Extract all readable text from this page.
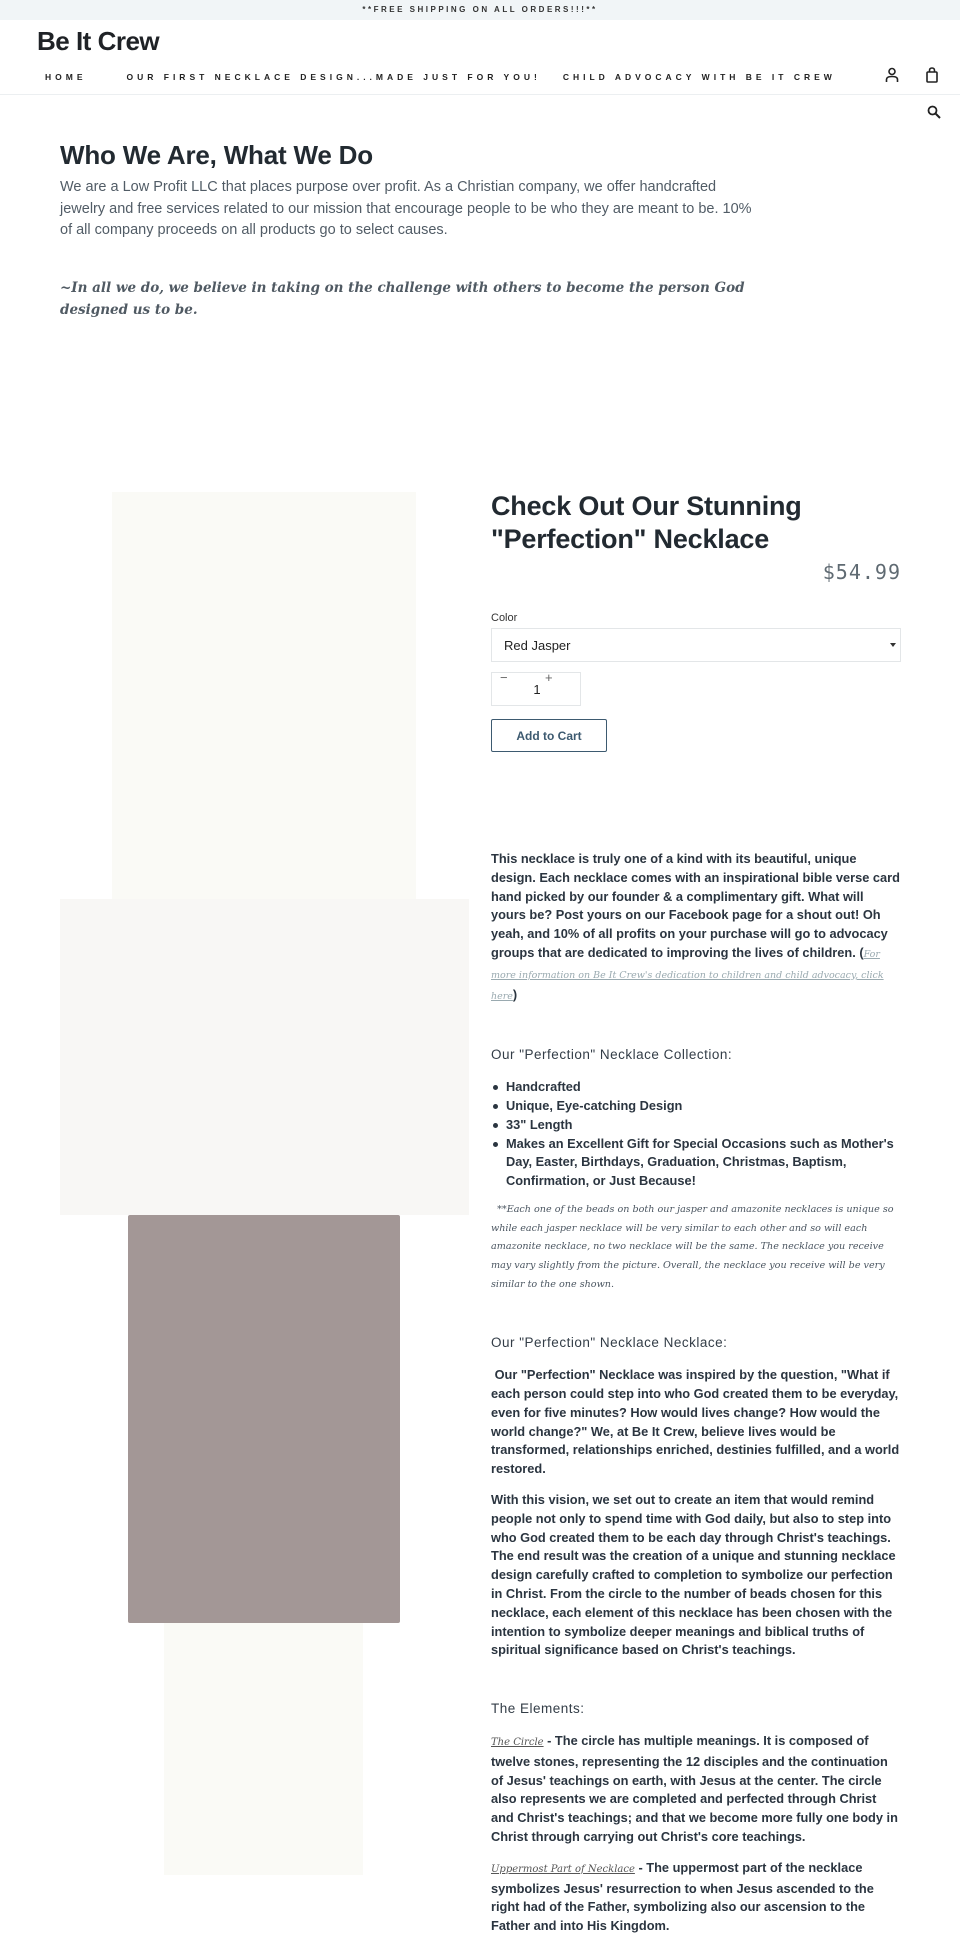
**FREE SHIPPING ON ALL ORDERS!!!**
Be It Crew
HOME	OUR FIRST NECKLACE DESIGN...MADE JUST FOR YOU!	CHILD ADVOCACY WITH BE IT CREW
Who We Are, What We Do

We are a Low Profit LLC that places purpose over profit. As a Christian company, we offer handcrafted jewelry and free services related to our mission that encourage people to be who they are meant to be. 10% of all company proceeds on all products go to select causes.

~In all we do, we believe in taking on the challenge with others to become the person God designed us to be.

Check Out Our Stunning "Perfection" Necklace
$54.99
Color
Red Jasper
−
1
+
Add to Cart

This necklace is truly one of a kind with its beautiful, unique design. Each necklace comes with an inspirational bible verse card hand picked by our founder & a complimentary gift. What will yours be? Post yours on our Facebook page for a shout out! Oh yeah, and 10% of all profits on your purchase will go to advocacy groups that are dedicated to improving the lives of children. (For more information on Be It Crew's dedication to children and child advocacy, click here)

Our "Perfection" Necklace Collection:
Handcrafted
Unique, Eye-catching Design
33" Length
Makes an Excellent Gift for Special Occasions such as Mother's Day, Easter, Birthdays, Graduation, Christmas, Baptism, Confirmation, or Just Because!

**Each one of the beads on both our jasper and amazonite necklaces is unique so while each jasper necklace will be very similar to each other and so will each amazonite necklace, no two necklace will be the same. The necklace you receive may vary slightly from the picture. Overall, the necklace you receive will be very similar to the one shown.

Our "Perfection" Necklace Necklace:

Our "Perfection" Necklace was inspired by the question, "What if each person could step into who God created them to be everyday, even for five minutes? How would lives change? How would the world change?" We, at Be It Crew, believe lives would be transformed, relationships enriched, destinies fulfilled, and a world restored.

With this vision, we set out to create an item that would remind people not only to spend time with God daily, but also to step into who God created them to be each day through Christ's teachings. The end result was the creation of a unique and stunning necklace design carefully crafted to completion to symbolize our perfection in Christ. From the circle to the number of beads chosen for this necklace, each element of this necklace has been chosen with the intention to symbolize deeper meanings and biblical truths of spiritual significance based on Christ's teachings.

The Elements:

The Circle - The circle has multiple meanings. It is composed of twelve stones, representing the 12 disciples and the continuation of Jesus' teachings on earth, with Jesus at the center. The circle also represents we are completed and perfected through Christ and Christ's teachings; and that we become more fully one body in Christ through carrying out Christ's core teachings.

Uppermost Part of Necklace - The uppermost part of the necklace symbolizes Jesus' resurrection to when Jesus ascended to the right had of the Father, symbolizing also our ascension to the Father and into His Kingdom.
